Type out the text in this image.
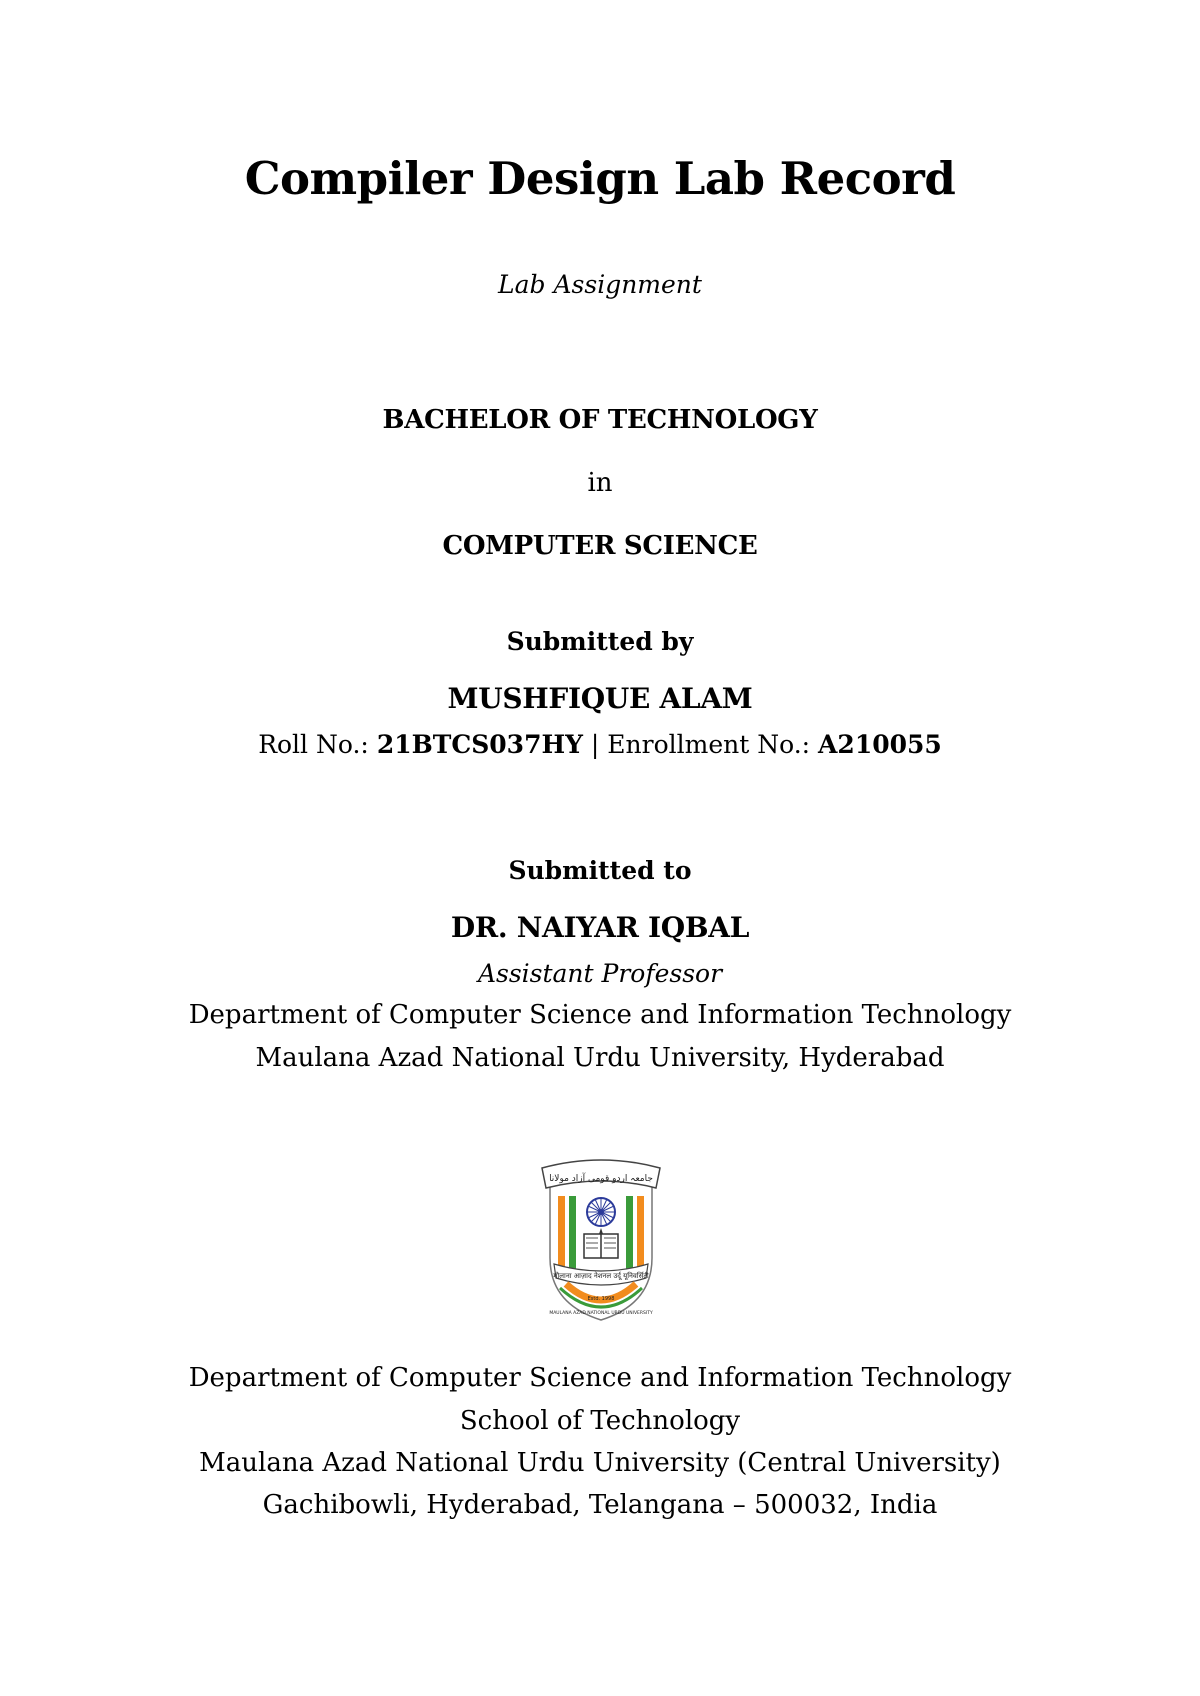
Compiler Design Lab Record
Lab Assignment
BACHELOR OF TECHNOLOGY
in
COMPUTER SCIENCE
Submitted by
MUSHFIQUE ALAM
Roll No.: 21BTCS037HY | Enrollment No.: A210055
Submitted to
DR. NAIYAR IQBAL
Assistant Professor
Department of Computer Science and Information Technology
Maulana Azad National Urdu University, Hyderabad
جامعہ اردو قومی آزاد مولانا
मौलाना आज़ाद नेशनल उर्दू यूनिवर्सिटी
Estd. 1998
MAULANA AZAD NATIONAL URDU UNIVERSITY
Department of Computer Science and Information Technology
School of Technology
Maulana Azad National Urdu University (Central University)
Gachibowli, Hyderabad, Telangana – 500032, India
